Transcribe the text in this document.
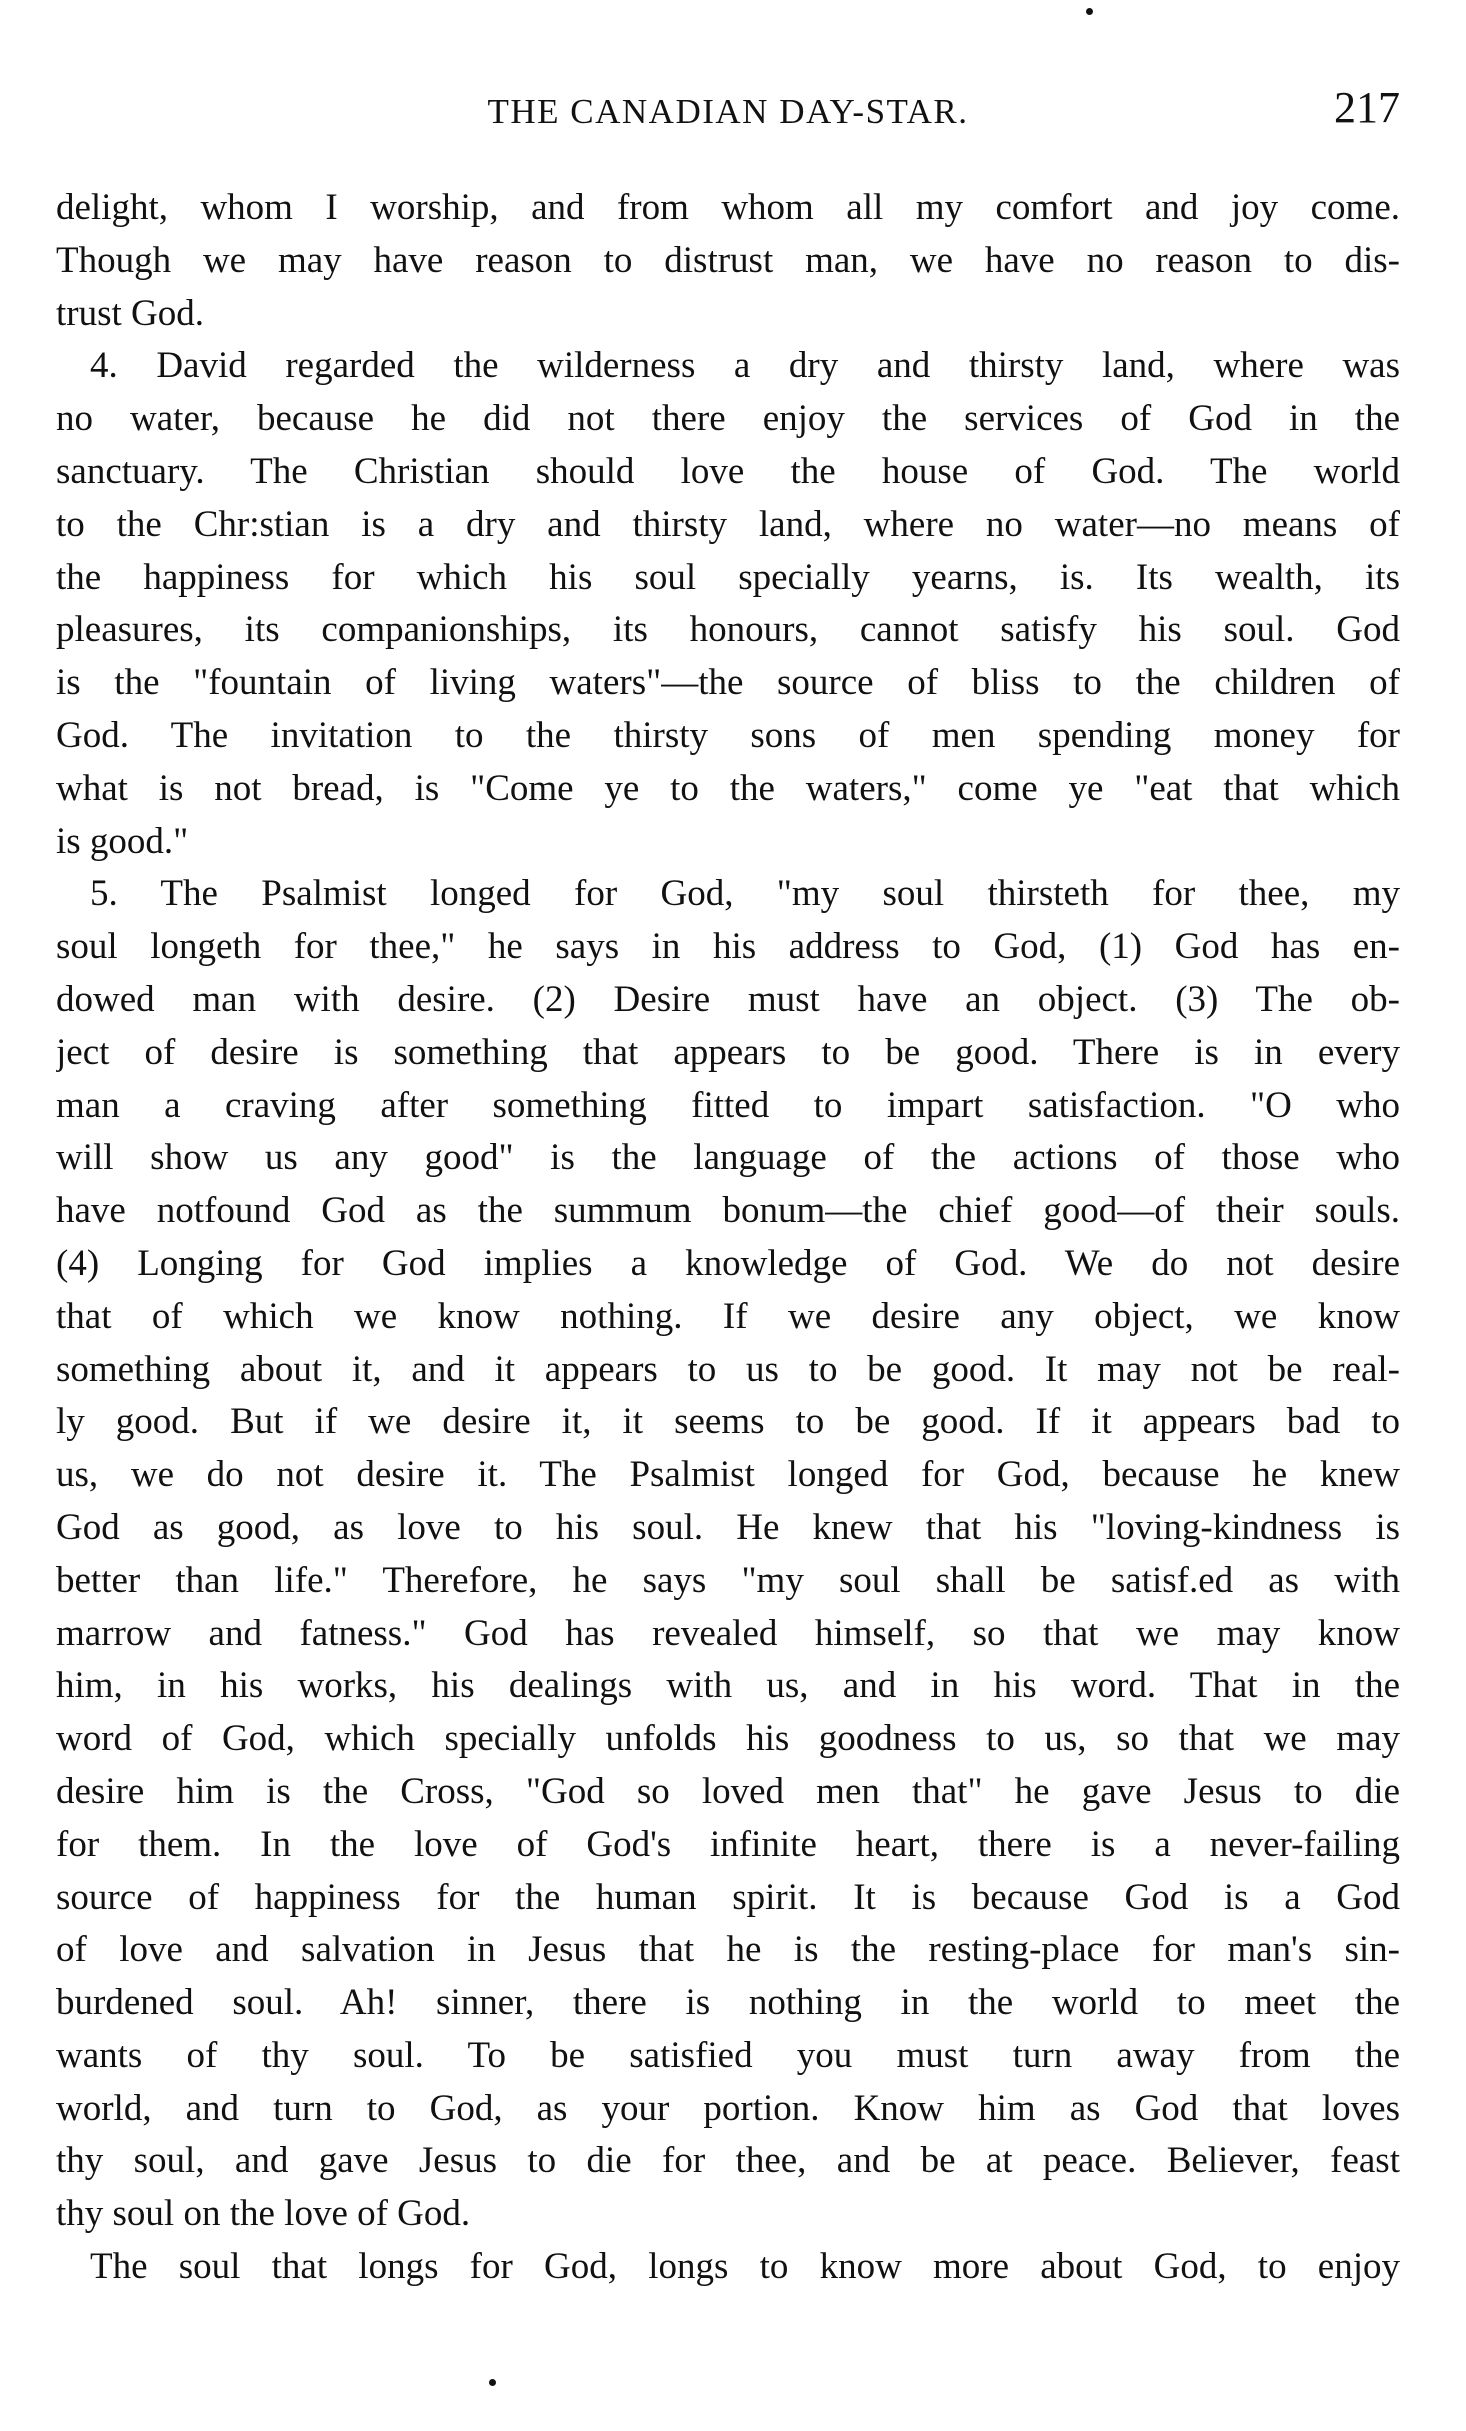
THE CANADIAN DAY-STAR.	217
delight, whom I worship, and from whom all my comfort and joy come.
Though we may have reason to distrust man, we have no reason to dis-
trust God.
4. David regarded the wilderness a dry and thirsty land, where was
no water, because he did not there enjoy the services of God in the
sanctuary. The Christian should love the house of God. The world
to the Chr:stian is a dry and thirsty land, where no water—no means of
the happiness for which his soul specially yearns, is. Its wealth, its
pleasures, its companionships, its honours, cannot satisfy his soul. God
is the "fountain of living waters"—the source of bliss to the children of
God. The invitation to the thirsty sons of men spending money for
what is not bread, is "Come ye to the waters," come ye "eat that which
is good."
5. The Psalmist longed for God, "my soul thirsteth for thee, my
soul longeth for thee," he says in his address to God, (1) God has en-
dowed man with desire. (2) Desire must have an object. (3) The ob-
ject of desire is something that appears to be good. There is in every
man a craving after something fitted to impart satisfaction. "O who
will show us any good" is the language of the actions of those who
have notfound God as the summum bonum—the chief good—of their souls.
(4) Longing for God implies a knowledge of God. We do not desire
that of which we know nothing. If we desire any object, we know
something about it, and it appears to us to be good. It may not be real-
ly good. But if we desire it, it seems to be good. If it appears bad to
us, we do not desire it. The Psalmist longed for God, because he knew
God as good, as love to his soul. He knew that his "loving-kindness is
better than life." Therefore, he says "my soul shall be satisf.ed as with
marrow and fatness." God has revealed himself, so that we may know
him, in his works, his dealings with us, and in his word. That in the
word of God, which specially unfolds his goodness to us, so that we may
desire him is the Cross, "God so loved men that" he gave Jesus to die
for them. In the love of God's infinite heart, there is a never-failing
source of happiness for the human spirit. It is because God is a God
of love and salvation in Jesus that he is the resting-place for man's sin-
burdened soul. Ah! sinner, there is nothing in the world to meet the
wants of thy soul. To be satisfied you must turn away from the
world, and turn to God, as your portion. Know him as God that loves
thy soul, and gave Jesus to die for thee, and be at peace. Believer, feast
thy soul on the love of God.
The soul that longs for God, longs to know more about God, to enjoy
